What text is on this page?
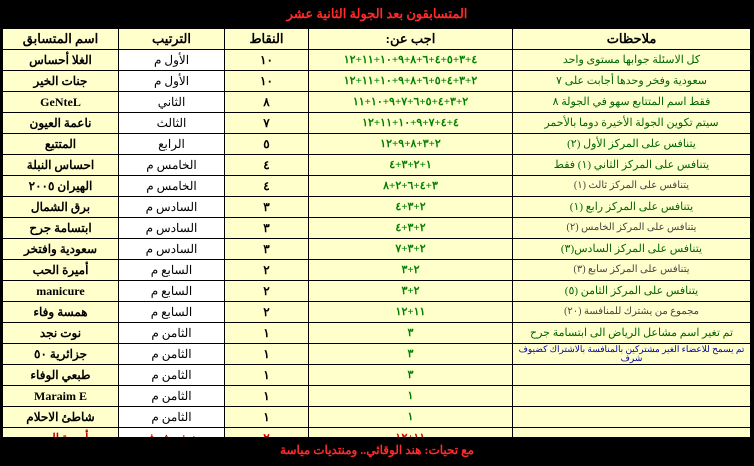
المتسابقون بعد الجولة الثانية عشر
ملاحظات	اجب عن:	النقاط	الترتيب	اسم المتسابق
كل الاسئلة جوابها مستوى واحد	٤+٣+٥+٤+٦+٨+٩+١٠+١١+١٢	١٠	الأول م	الغلا أحساس
سعودية وفخر وحدها أجابت على ٧	٢+٣+٤+٥+٦+٨+٩+١٠+١١+١٢	١٠	الأول م	جنات الخير
فقط اسم المتتابع سهو في الجولة ٨	٢+٣+٤+٥+٦+٧+٩+١٠+١١	٨	الثاني	GeNteL
سيتم تكوين الجولة الأخيرة دوما بالأحمر	٤+٤+٧+٩+١٠+١١+١٢	٧	الثالث	ناعمة العيون
يتنافس على المركز الأول (٢)	٢+٣+٨+٩+١٢	٥	الرابع	المتتبع
يتنافس على المركز الثاني (١) فقط	١+٢+٣+٤	٤	الخامس م	احساس النبلة
يتنافس على المركز ثالث (١)	٣+٤+٦+٢+٨	٤	الخامس م	الهيران ٢٠٠٥
يتنافس على المركز رابع (١)	٢+٣+٤	٣	السادس م	برق الشمال
يتنافس على المركز الخامس (٢)	٢+٣+٤	٣	السادس م	ابتسامة جرح
يتنافس على المركز السادس(٣)	٢+٣+٧	٣	السادس م	سعودية وافتخر
يتنافس على المركز سابع (٣)	٢+٣	٢	السابع م	أميرة الحب
يتنافس على المركز الثامن (٥)	٢+٣	٢	السابع م	manicure
مجموع من يشترك للمنافسة (٢٠)	١١+١٢	٢	السابع م	همسة وفاء
تم تغير اسم مشاعل الرياض الى ابتسامة جرح	٣	١	الثامن م	نوت نجد
تم يسمح للاعضاء الغير مشتركين بالمنافسة بالاشتراك كضيوف شرف	٣	١	الثامن م	جزائرية ٥٠
	٣	١	الثامن م	طبعي الوفاء
	١	١	الثامن م	Maraim E
	١	١	الثامن م	شاطئ الاحلام

مع تحيات: هند الوقائي.. ومنتديات مياسة
